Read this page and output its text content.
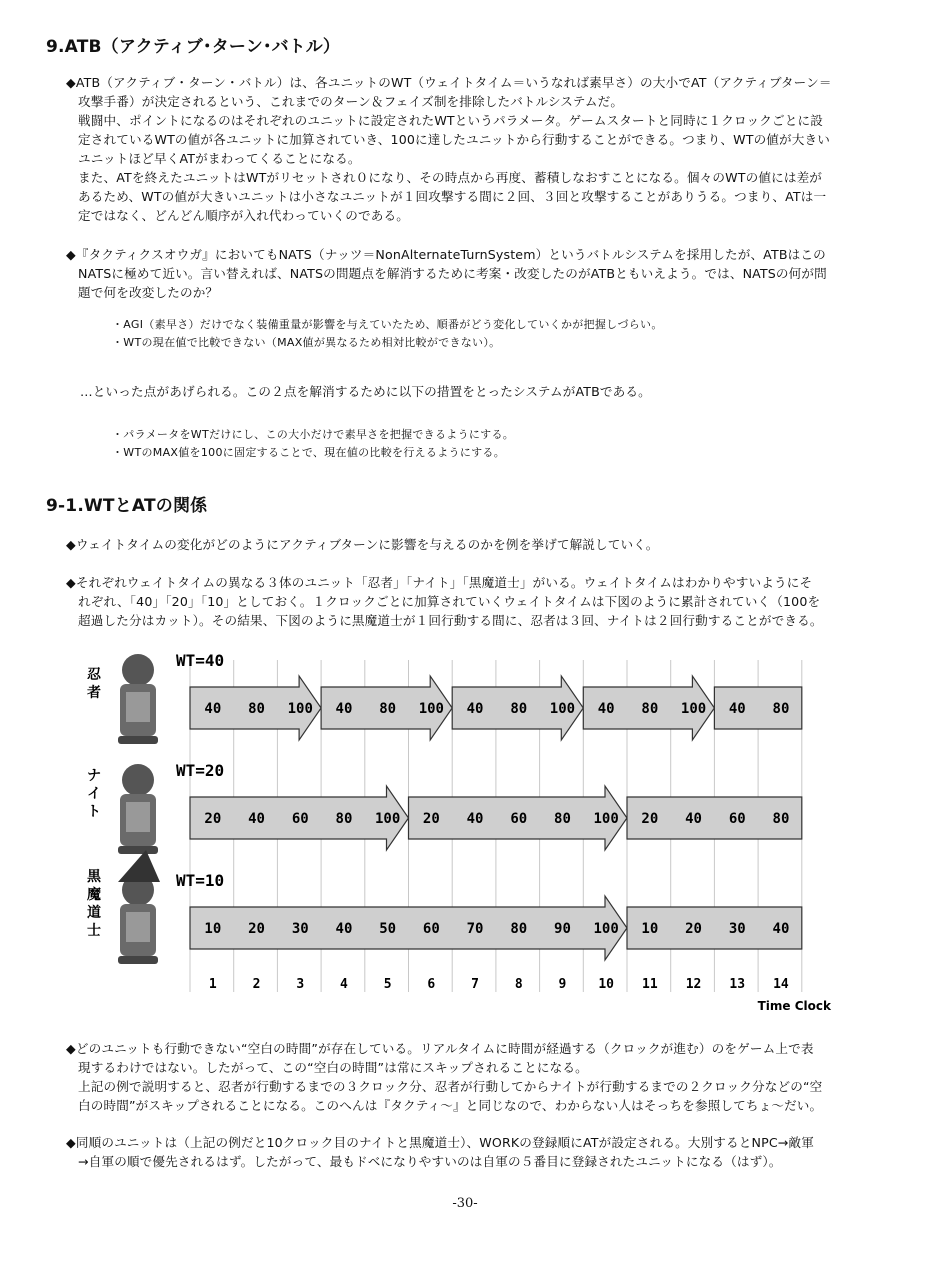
9.ATB（アクティブ･ターン･バトル）
◆ATB（アクティブ・ターン・バトル）は、各ユニットのWT（ウェイトタイム＝いうなれば素早さ）の大小でAT（アクティブターン＝
攻撃手番）が決定されるという、これまでのターン＆フェイズ制を排除したバトルシステムだ。
戦闘中、ポイントになるのはそれぞれのユニットに設定されたWTというパラメータ。ゲームスタートと同時に１クロックごとに設
定されているWTの値が各ユニットに加算されていき、100に達したユニットから行動することができる。つまり、WTの値が大きい
ユニットほど早くATがまわってくることになる。
また、ATを終えたユニットはWTがリセットされ０になり、その時点から再度、蓄積しなおすことになる。個々のWTの値には差が
あるため、WTの値が大きいユニットは小さなユニットが１回攻撃する間に２回、３回と攻撃することがありうる。つまり、ATは一
定ではなく、どんどん順序が入れ代わっていくのである。
◆『タクティクスオウガ』においてもNATS（ナッツ＝NonAlternateTurnSystem）というバトルシステムを採用したが、ATBはこの
NATSに極めて近い。言い替えれば、NATSの問題点を解消するために考案・改変したのがATBともいえよう。では、NATSの何が問
題で何を改変したのか？
・AGI（素早さ）だけでなく装備重量が影響を与えていたため、順番がどう変化していくかが把握しづらい。
・WTの現在値で比較できない（MAX値が異なるため相対比較ができない）。
…といった点があげられる。この２点を解消するために以下の措置をとったシステムがATBである。
・パラメータをWTだけにし、この大小だけで素早さを把握できるようにする。
・WTのMAX値を100に固定することで、現在値の比較を行えるようにする。
9-1.WTとATの関係
◆ウェイトタイムの変化がどのようにアクティブターンに影響を与えるのかを例を挙げて解説していく。
◆それぞれウェイトタイムの異なる３体のユニット「忍者」「ナイト」「黒魔道士」がいる。ウェイトタイムはわかりやすいようにそ
れぞれ、「40」「20」「10」としておく。１クロックごとに加算されていくウェイトタイムは下図のように累計されていく（100を
超過した分はカット）。その結果、下図のように黒魔道士が１回行動する間に、忍者は３回、ナイトは２回行動することができる。
忍者
WT=40
40 80 100 40 80 100 40 80 100 40 80 100 40 80
ナイト
WT=20
20 40 60 80 100 20 40 60 80 100 20 40 60 80
黒魔道士
WT=10
10 20 30 40 50 60 70 80 90 100 10 20 30 40
1	2	3	4	5	6	7	8	9 10 11 12 13 14
Time Clock
◆どのユニットも行動できない“空白の時間”が存在している。リアルタイムに時間が経過する（クロックが進む）のをゲーム上で表
現するわけではない。したがって、この“空白の時間”は常にスキップされることになる。
上記の例で説明すると、忍者が行動するまでの３クロック分、忍者が行動してからナイトが行動するまでの２クロック分などの“空
白の時間”がスキップされることになる。このへんは『タクティ～』と同じなので、わからない人はそっちを参照してちょ～だい。
◆同順のユニットは（上記の例だと10クロック目のナイトと黒魔道士）、WORKの登録順にATが設定される。大別するとNPC→敵軍
→自軍の順で優先されるはず。したがって、最もドベになりやすいのは自軍の５番目に登録されたユニットになる（はず）。
-30-
